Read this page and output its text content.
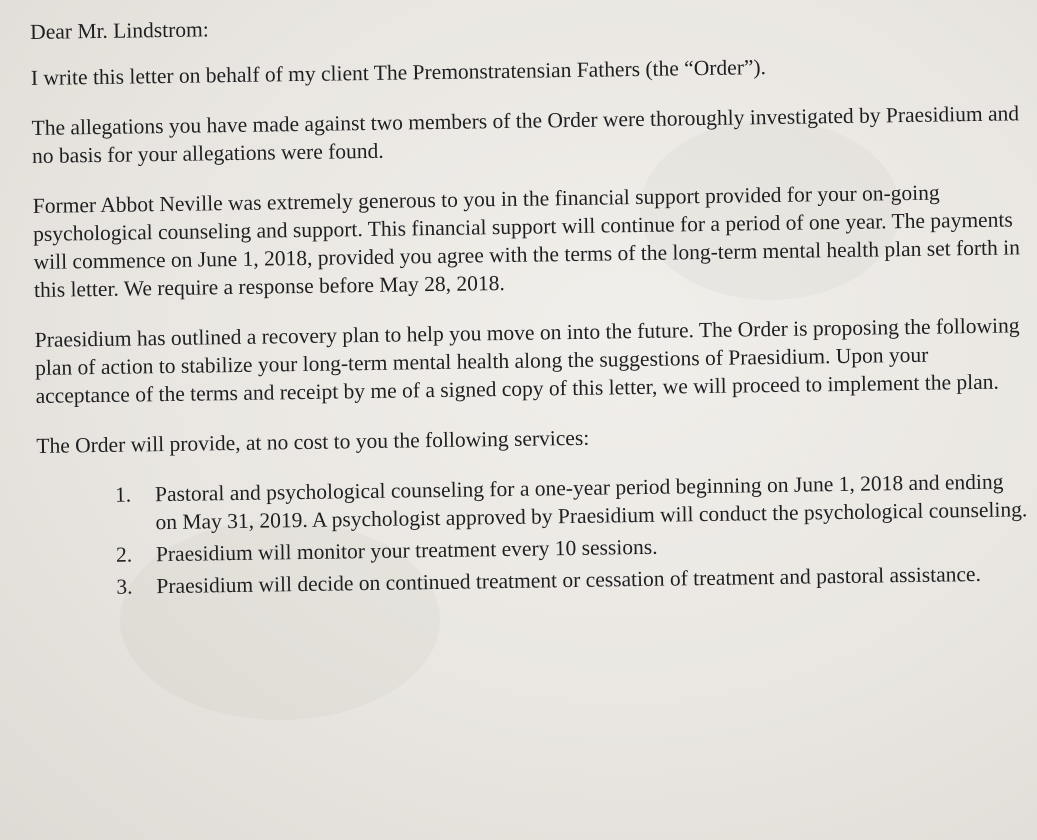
Dear Mr. Lindstrom:

I write this letter on behalf of my client The Premonstratensian Fathers (the “Order”).

The allegations you have made against two members of the Order were thoroughly investigated by Praesidium and no basis for your allegations were found.

Former Abbot Neville was extremely generous to you in the financial support provided for your on-going psychological counseling and support. This financial support will continue for a period of one year. The payments will commence on June 1, 2018, provided you agree with the terms of the long-term mental health plan set forth in this letter. We require a response before May 28, 2018.

Praesidium has outlined a recovery plan to help you move on into the future. The Order is proposing the following plan of action to stabilize your long-term mental health along the suggestions of Praesidium. Upon your acceptance of the terms and receipt by me of a signed copy of this letter, we will proceed to implement the plan.

The Order will provide, at no cost to you the following services:

1. Pastoral and psychological counseling for a one-year period beginning on June 1, 2018 and ending on May 31, 2019. A psychologist approved by Praesidium will conduct the psychological counseling.
2. Praesidium will monitor your treatment every 10 sessions.
3. Praesidium will decide on continued treatment or cessation of treatment and pastoral assistance.
